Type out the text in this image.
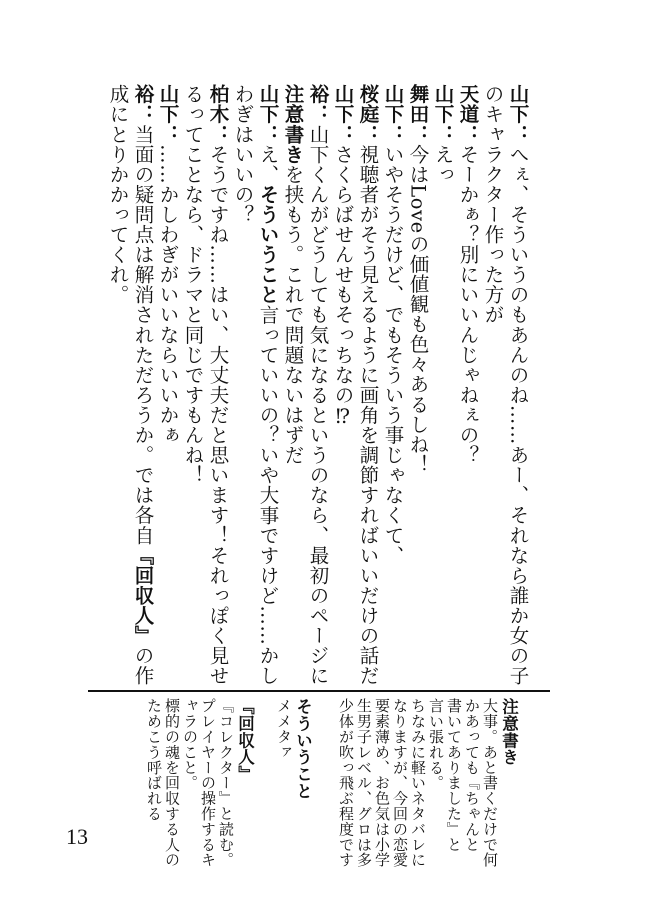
山下：へぇ、そういうのもあんのね……あー、それなら誰か女の子
のキャラクター作った方が
天道：そーかぁ？別にいいんじゃねぇの？
山下：えっ
舞田：今はLoveの価値観も色々あるしね！
山下：いやそうだけど、でもそういう事じゃなくて、
桜庭：視聴者がそう見えるように画角を調節すればいいだけの話だ
山下：さくらばせんせもそっちなの⁉
裕：山下くんがどうしても気になるというのなら、最初のページに
注意書きを挟もう。これで問題ないはずだ
山下：え、そういうこと言っていいの？いや大事ですけど……かし
わぎはいいの？
柏木：そうですね……はい、大丈夫だと思います！それっぽく見せ
るってことなら、ドラマと同じですもんね！
山下：……かしわぎがいいならいいかぁ
裕：当面の疑問点は解消されただろうか。では各自『回収人』の作
成にとりかかってくれ。
注意書き
大事。あと書くだけで何
かあっても『ちゃんと
書いてありました』と
言い張れる。
ちなみに軽いネタバレに
なりますが、今回の恋愛
要素薄め、お色気は小学
生男子レベル、グロは多
少体が吹っ飛ぶ程度です
そういうこと
メメタァ
『回収人』
『コレクター』と読む。
プレイヤーの操作するキ
ャラのこと。
標的の魂を回収する人の
ためこう呼ばれる
13
